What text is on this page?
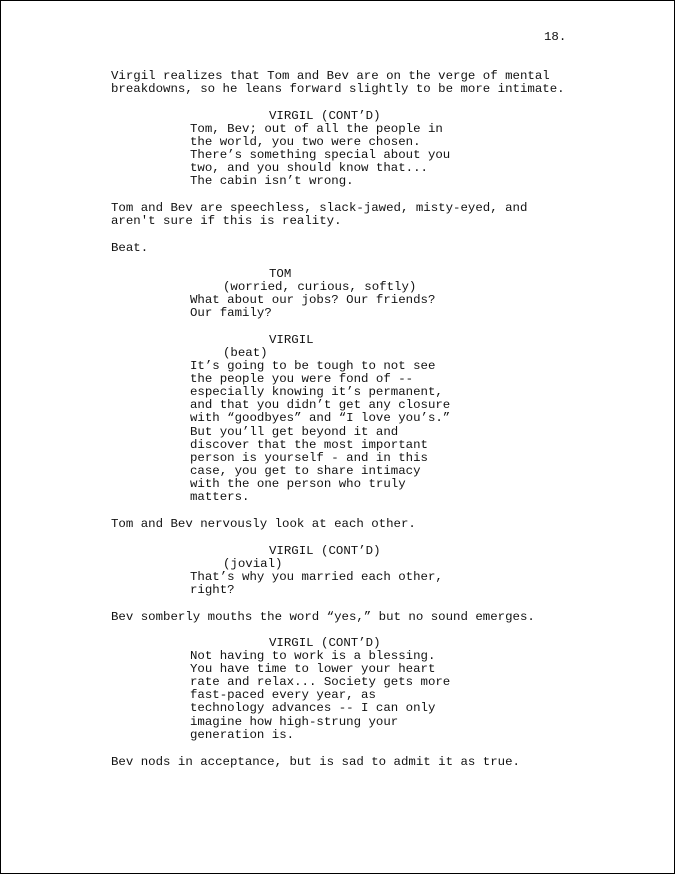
18.
Virgil realizes that Tom and Bev are on the verge of mental
breakdowns, so he leans forward slightly to be more intimate.
VIRGIL (CONT’D)
Tom, Bev; out of all the people in
the world, you two were chosen.
There’s something special about you
two, and you should know that...
The cabin isn’t wrong.
Tom and Bev are speechless, slack-jawed, misty-eyed, and
aren't sure if this is reality.
Beat.
TOM
(worried, curious, softly)
What about our jobs? Our friends?
Our family?
VIRGIL
(beat)
It’s going to be tough to not see
the people you were fond of --
especially knowing it’s permanent,
and that you didn’t get any closure
with “goodbyes” and “I love you’s.”
But you’ll get beyond it and
discover that the most important
person is yourself - and in this
case, you get to share intimacy
with the one person who truly
matters.
Tom and Bev nervously look at each other.
VIRGIL (CONT’D)
(jovial)
That’s why you married each other,
right?
Bev somberly mouths the word “yes,” but no sound emerges.
VIRGIL (CONT’D)
Not having to work is a blessing.
You have time to lower your heart
rate and relax... Society gets more
fast-paced every year, as
technology advances -- I can only
imagine how high-strung your
generation is.
Bev nods in acceptance, but is sad to admit it as true.
